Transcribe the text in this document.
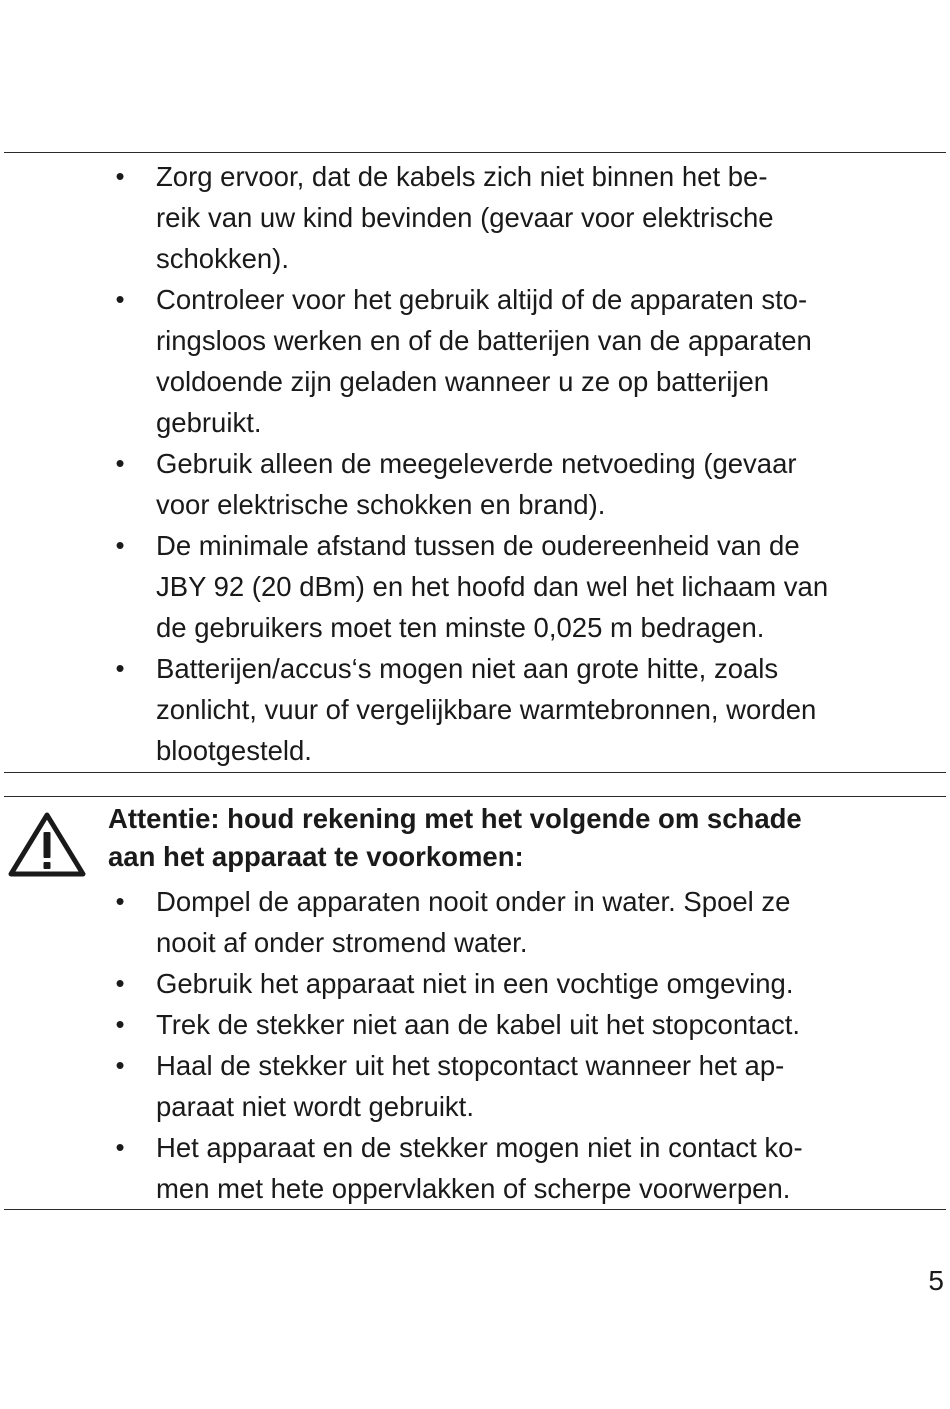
• Zorg ervoor, dat de kabels zich niet binnen het be-
reik van uw kind bevinden (gevaar voor elektrische
schokken).
• Controleer voor het gebruik altijd of de apparaten sto-
ringsloos werken en of de batterijen van de apparaten
voldoende zijn geladen wanneer u ze op batterijen
gebruikt.
• Gebruik alleen de meegeleverde netvoeding (gevaar
voor elektrische schokken en brand).
• De minimale afstand tussen de oudereenheid van de
JBY 92 (20 dBm) en het hoofd dan wel het lichaam van
de gebruikers moet ten minste 0,025 m bedragen.
• Batterijen/accus‘s mogen niet aan grote hitte, zoals
zonlicht, vuur of vergelijkbare warmtebronnen, worden
blootgesteld.
Attentie: houd rekening met het volgende om schade
aan het apparaat te voorkomen:
• Dompel de apparaten nooit onder in water. Spoel ze
nooit af onder stromend water.
• Gebruik het apparaat niet in een vochtige omgeving.
• Trek de stekker niet aan de kabel uit het stopcontact.
• Haal de stekker uit het stopcontact wanneer het ap-
paraat niet wordt gebruikt.
• Het apparaat en de stekker mogen niet in contact ko-
men met hete oppervlakken of scherpe voorwerpen.
5
